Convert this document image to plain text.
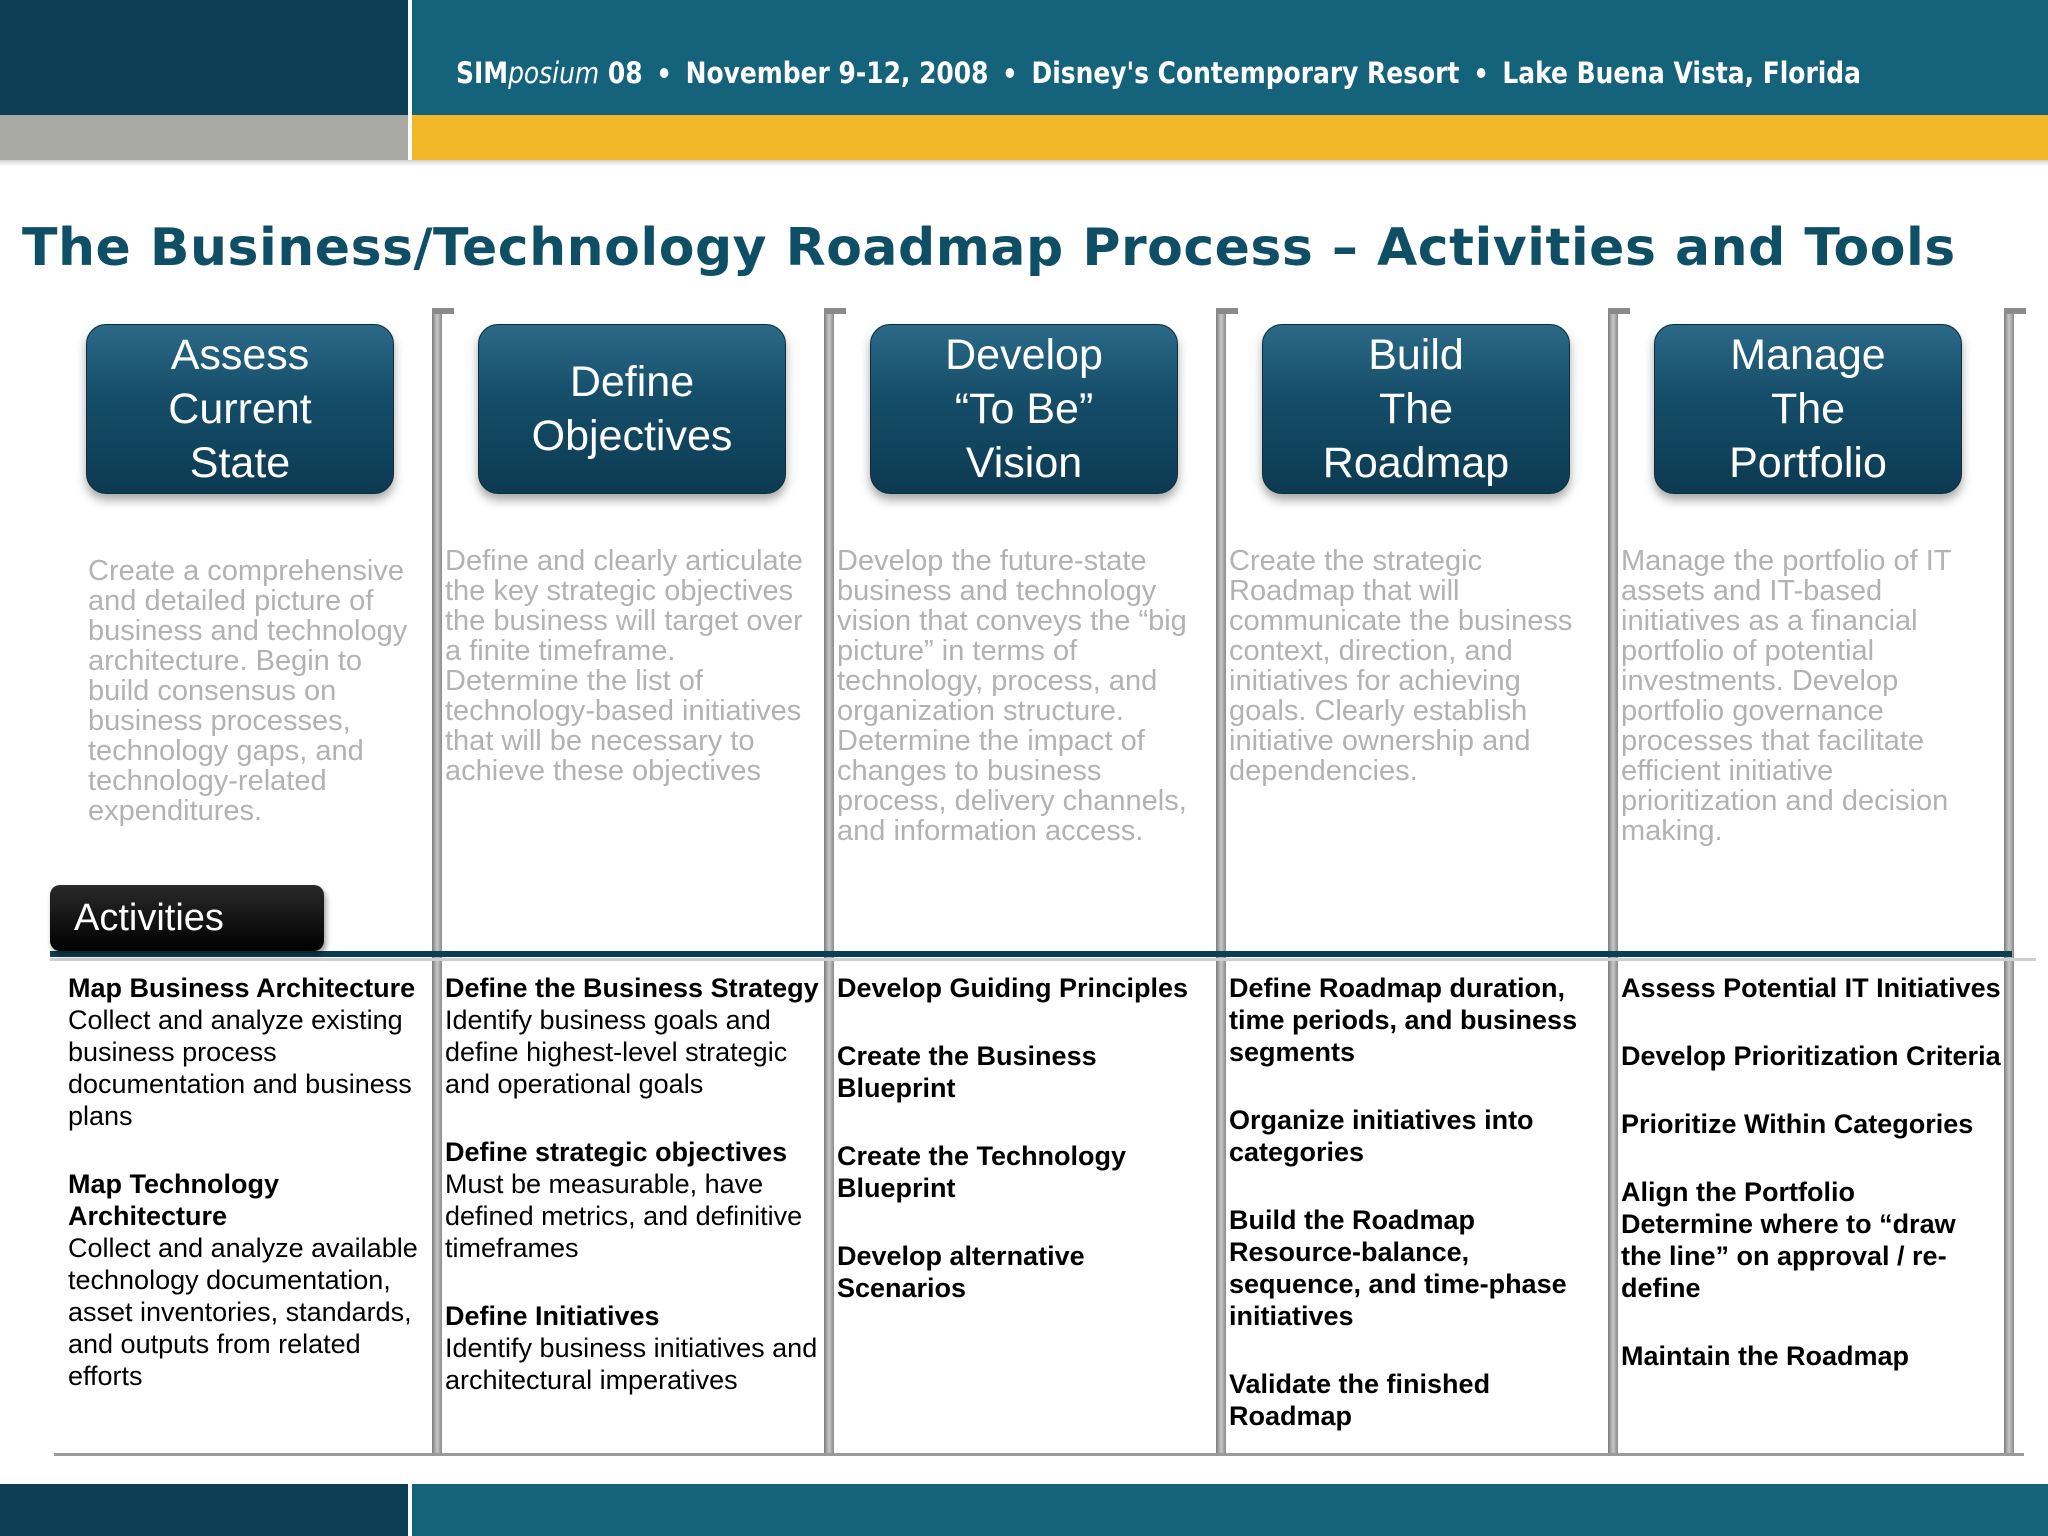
SIMposium 08 November 9-12, 2008 Disney's Contemporary Resort Lake Buena Vista, Florida
The Business/Technology Roadmap Process – Activities and Tools
Assess
Current
State
Define
Objectives
Develop
“To Be”
Vision
Build
The
Roadmap
Manage
The
Portfolio
Create a comprehensive and detailed picture of business and technology architecture. Begin to build consensus on business processes, technology gaps, and technology-related expenditures.
Define and clearly articulate the key strategic objectives the business will target over a finite timeframe. Determine the list of technology-based initiatives that will be necessary to achieve these objectives
Develop the future-state business and technology vision that conveys the “big picture” in terms of technology, process, and organization structure. Determine the impact of changes to business process, delivery channels, and information access.
Create the strategic Roadmap that will communicate the business context, direction, and initiatives for achieving goals. Clearly establish initiative ownership and dependencies.
Manage the portfolio of IT assets and IT-based initiatives as a financial portfolio of potential investments. Develop portfolio governance processes that facilitate efficient initiative prioritization and decision making.
Activities
Map Business Architecture
Collect and analyze existing business process documentation and business plans
Map Technology Architecture
Collect and analyze available technology documentation, asset inventories, standards, and outputs from related efforts
Define the Business Strategy
Identify business goals and define highest-level strategic and operational goals
Define strategic objectives
Must be measurable, have defined metrics, and definitive timeframes
Define Initiatives
Identify business initiatives and architectural imperatives
Develop Guiding Principles
Create the Business Blueprint
Create the Technology Blueprint
Develop alternative Scenarios
Define Roadmap duration, time periods, and business segments
Organize initiatives into categories
Build the Roadmap
Resource-balance, sequence, and time-phase initiatives
Validate the finished Roadmap
Assess Potential IT Initiatives
Develop Prioritization Criteria
Prioritize Within Categories
Align the Portfolio
Determine where to “draw the line” on approval / re-define
Maintain the Roadmap
